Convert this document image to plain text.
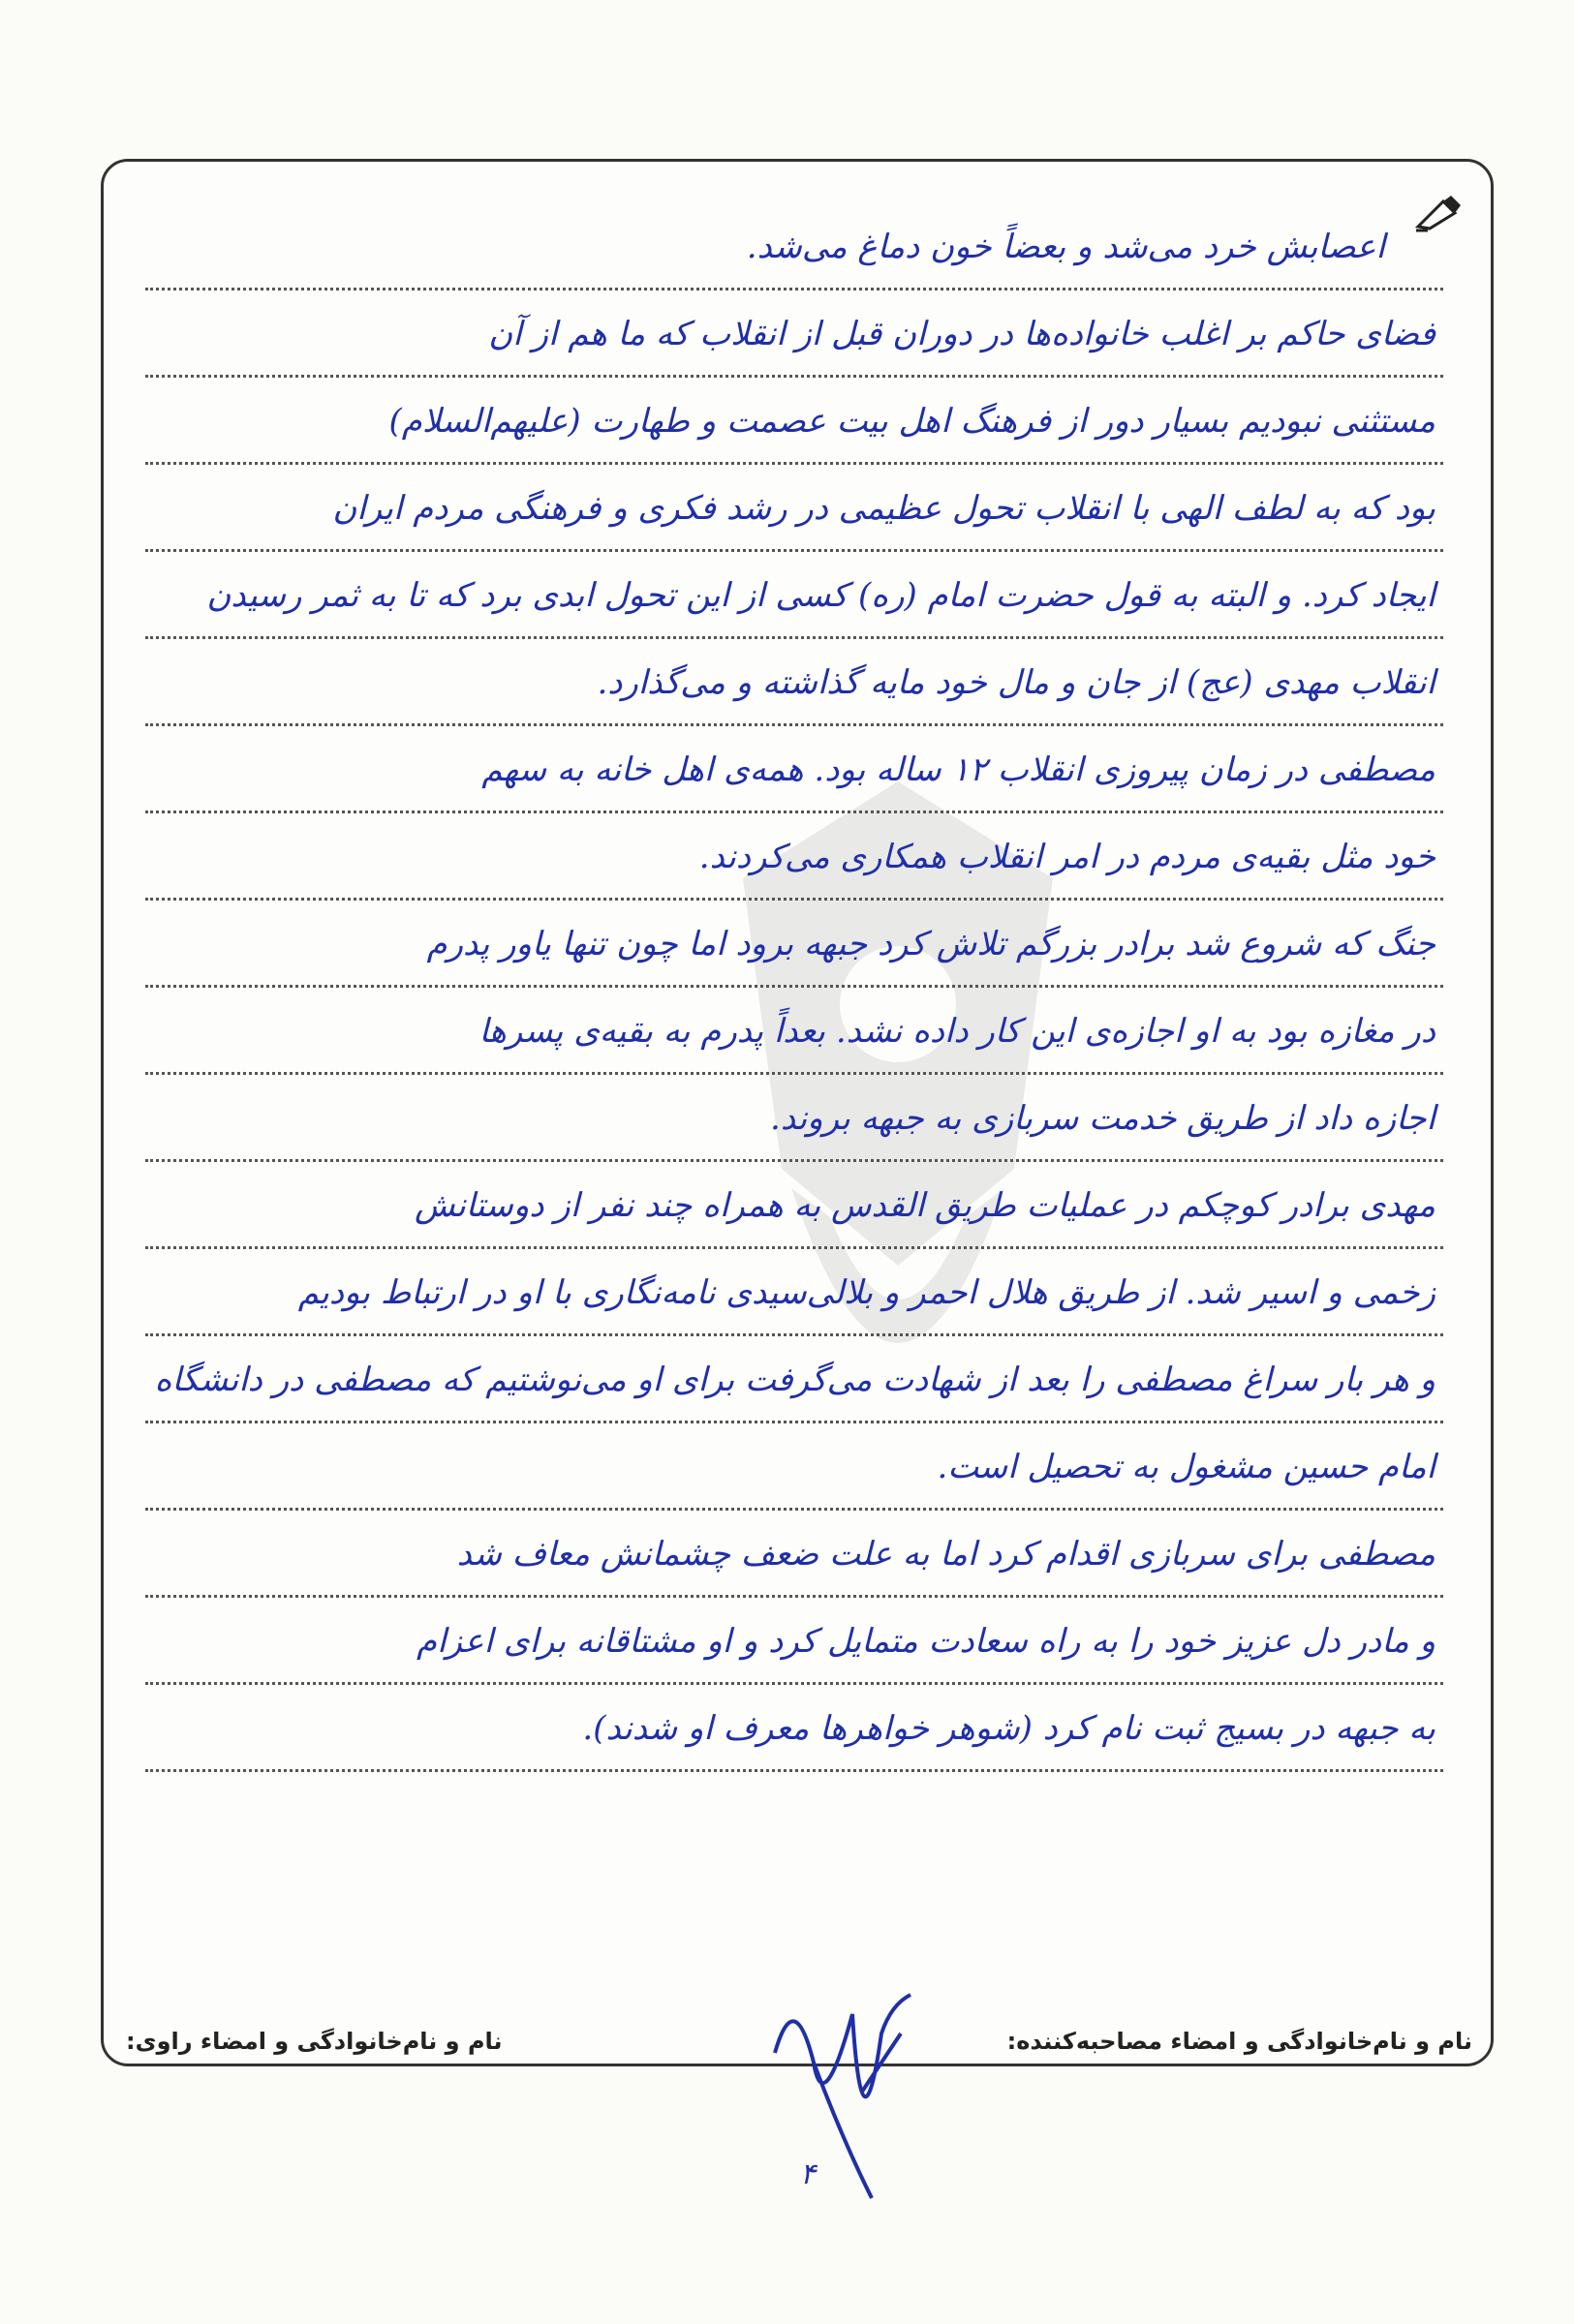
اعصابش خرد می‌شد و بعضاً خون دماغ می‌شد.
فضای حاکم بر اغلب خانواده‌ها در دوران قبل از انقلاب که ما هم از آن
مستثنی نبودیم بسیار دور از فرهنگ اهل بیت عصمت و طهارت (علیهم‌السلام)
بود که به لطف الهی با انقلاب تحول عظیمی در رشد فکری و فرهنگی مردم ایران
ایجاد کرد. و البته به قول حضرت امام (ره) کسی از این تحول ابدی برد که تا به ثمر رسیدن
انقلاب مهدی (عج) از جان و مال خود مایه گذاشته و می‌گذارد.
مصطفی در زمان پیروزی انقلاب ۱۲ ساله بود. همه‌ی اهل خانه به سهم
خود مثل بقیه‌ی مردم در امر انقلاب همکاری می‌کردند.
جنگ که شروع شد برادر بزرگم تلاش کرد جبهه برود اما چون تنها یاور پدرم
در مغازه بود به او اجازه‌ی این کار داده نشد. بعداً پدرم به بقیه‌ی پسرها
اجازه داد از طریق خدمت سربازی به جبهه بروند.
مهدی برادر کوچکم در عملیات طریق القدس به همراه چند نفر از دوستانش
زخمی و اسیر شد. از طریق هلال احمر و بلالی‌سیدی نامه‌نگاری با او در ارتباط بودیم
و هر بار سراغ مصطفی را بعد از شهادت می‌گرفت برای او می‌نوشتیم که مصطفی در دانشگاه
امام حسین مشغول به تحصیل است.
مصطفی برای سربازی اقدام کرد اما به علت ضعف چشمانش معاف شد
و مادر دل عزیز خود را به راه سعادت متمایل کرد و او مشتاقانه برای اعزام
به جبهه در بسیج ثبت نام کرد (شوهر خواهرها معرف او شدند).
نام و نام‌خانوادگی و امضاء مصاحبه‌کننده:
نام و نام‌خانوادگی و امضاء راوی:
۴
